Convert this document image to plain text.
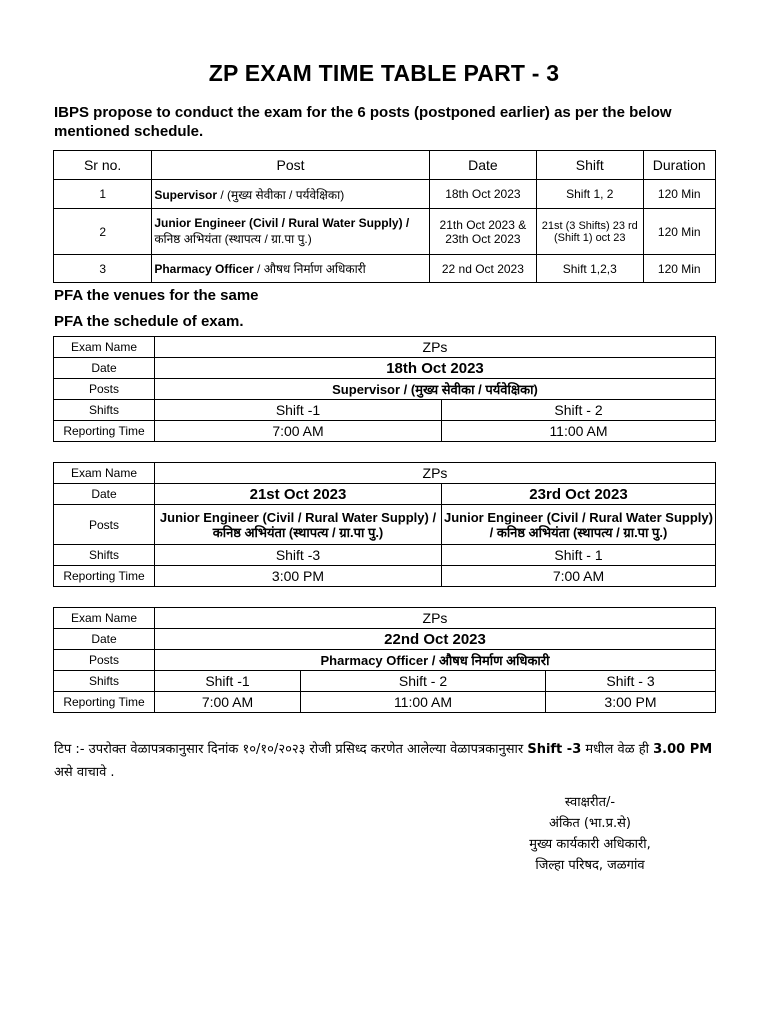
ZP EXAM TIME TABLE PART - 3
IBPS propose to conduct the exam for the 6 posts (postponed earlier) as per the below mentioned schedule.
Sr no.	Post	Date	Shift	Duration
1	Supervisor / (मुख्य सेवीका / पर्यवेक्षिका)	18th Oct 2023	Shift 1, 2	120 Min
2	Junior Engineer (Civil / Rural Water Supply) /
कनिष्ठ अभियंता (स्थापत्य / ग्रा.पा पु.)	21th Oct 2023 & 23th Oct 2023	21st (3 Shifts) 23 rd (Shift 1) oct 23	120 Min
3	Pharmacy Officer / औषध निर्माण अधिकारी	22 nd Oct 2023	Shift 1,2,3	120 Min
PFA the venues for the same
PFA the schedule of exam.
Exam Name	ZPs	
Date	18th Oct 2023	
Posts	Supervisor / (मुख्य सेवीका / पर्यवेक्षिका)	
Shifts	Shift -1	Shift - 2
Reporting Time	7:00 AM	11:00 AM
Exam Name	ZPs	
Date	21st Oct 2023	23rd Oct 2023
Posts	Junior Engineer (Civil / Rural Water Supply) / कनिष्ठ अभियंता (स्थापत्य / ग्रा.पा पु.)	Junior Engineer (Civil / Rural Water Supply) / कनिष्ठ अभियंता (स्थापत्य / ग्रा.पा पु.)
Shifts	Shift -3	Shift - 1
Reporting Time	3:00 PM	7:00 AM
Exam Name	ZPs		
Date	22nd Oct 2023		
Posts	Pharmacy Officer / औषध निर्माण अधिकारी		
Shifts	Shift -1	Shift - 2	Shift - 3
Reporting Time	7:00 AM	11:00 AM	3:00 PM
टिप :- उपरोक्त वेळापत्रकानुसार दिनांक १०/१०/२०२३ रोजी प्रसिध्द करणेत आलेल्या वेळापत्रकानुसार Shift -3 मधील वेळ ही 3.00 PM असे वाचावे .
स्वाक्षरीत/-
अंकित (भा.प्र.से)
मुख्य कार्यकारी अधिकारी,
जिल्हा परिषद, जळगांव
